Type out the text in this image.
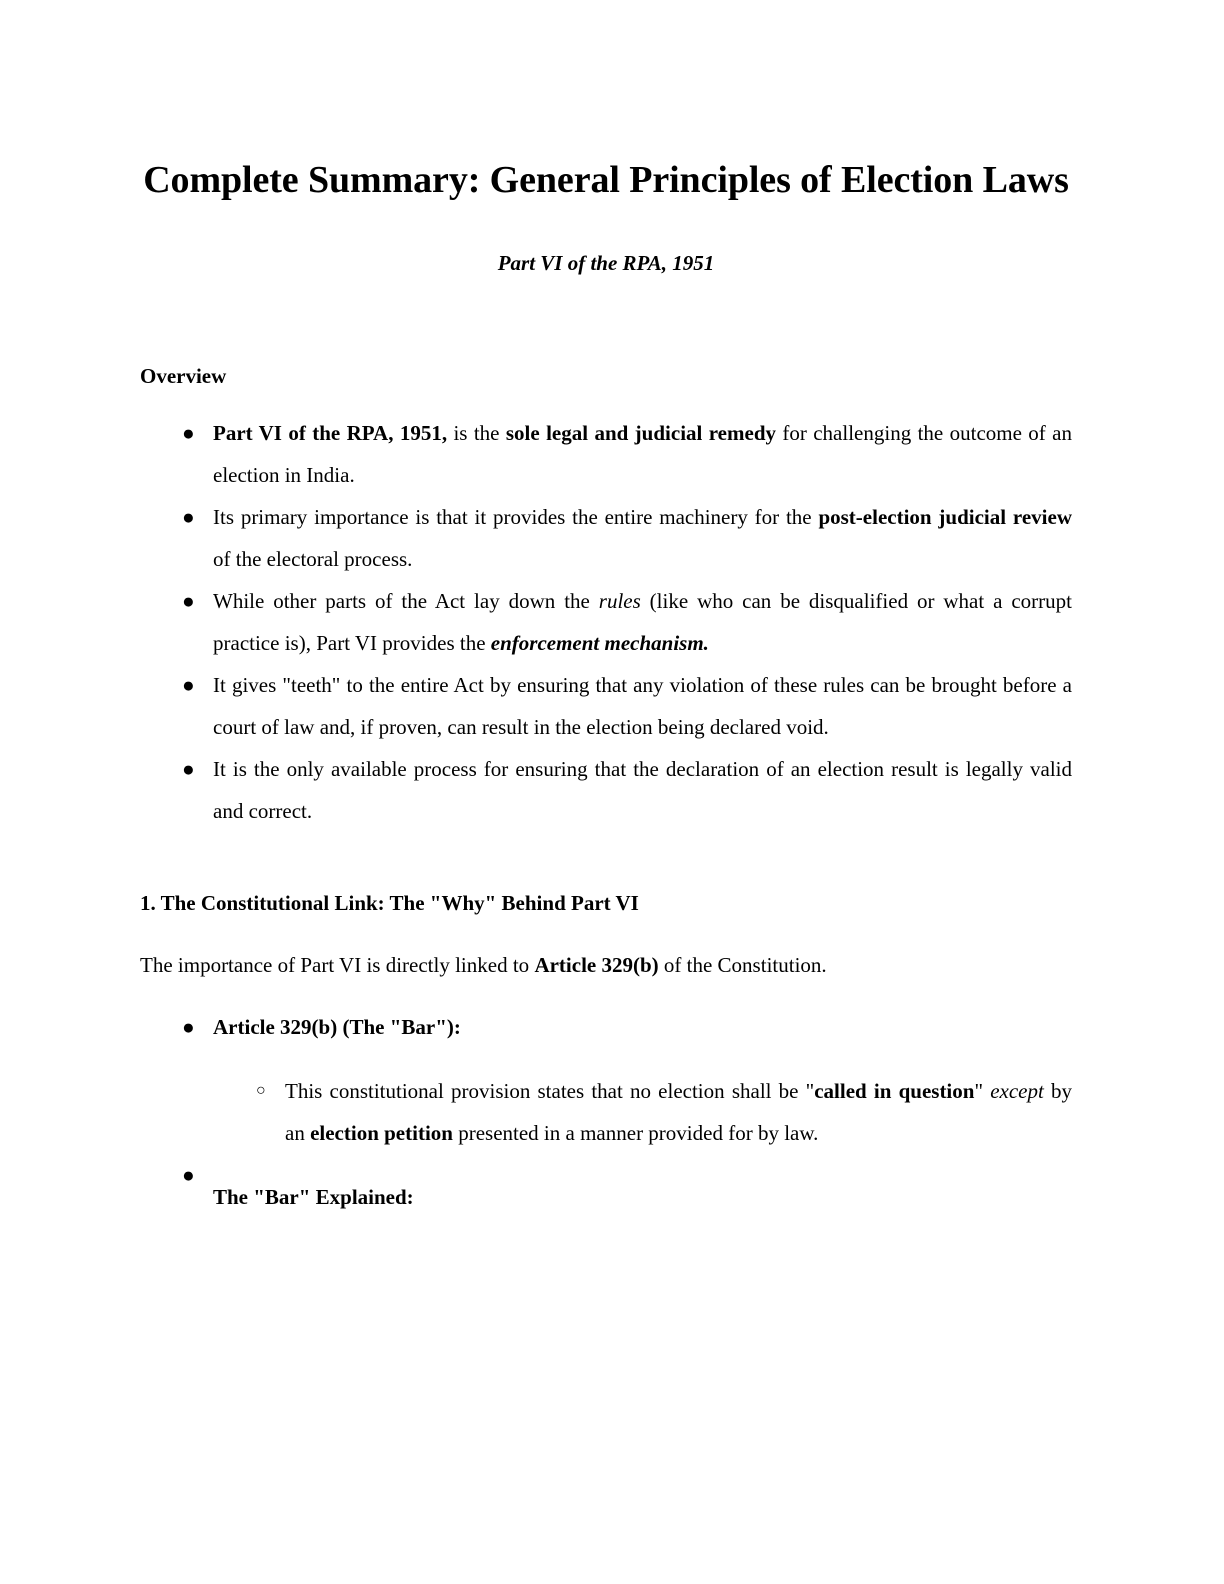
Complete Summary: General Principles of Election Laws
Part VI of the RPA, 1951
Overview
● Part VI of the RPA, 1951, is the sole legal and judicial remedy for challenging the outcome of an election in India.
● Its primary importance is that it provides the entire machinery for the post-election judicial review of the electoral process.
● While other parts of the Act lay down the rules (like who can be disqualified or what a corrupt practice is), Part VI provides the enforcement mechanism.
● It gives "teeth" to the entire Act by ensuring that any violation of these rules can be brought before a court of law and, if proven, can result in the election being declared void.
● It is the only available process for ensuring that the declaration of an election result is legally valid and correct.
1. The Constitutional Link: The "Why" Behind Part VI

The importance of Part VI is directly linked to Article 329(b) of the Constitution.

● Article 329(b) (The "Bar"):
○ This constitutional provision states that no election shall be "called in question" except by an election petition presented in a manner provided for by law.
●
The "Bar" Explained:
